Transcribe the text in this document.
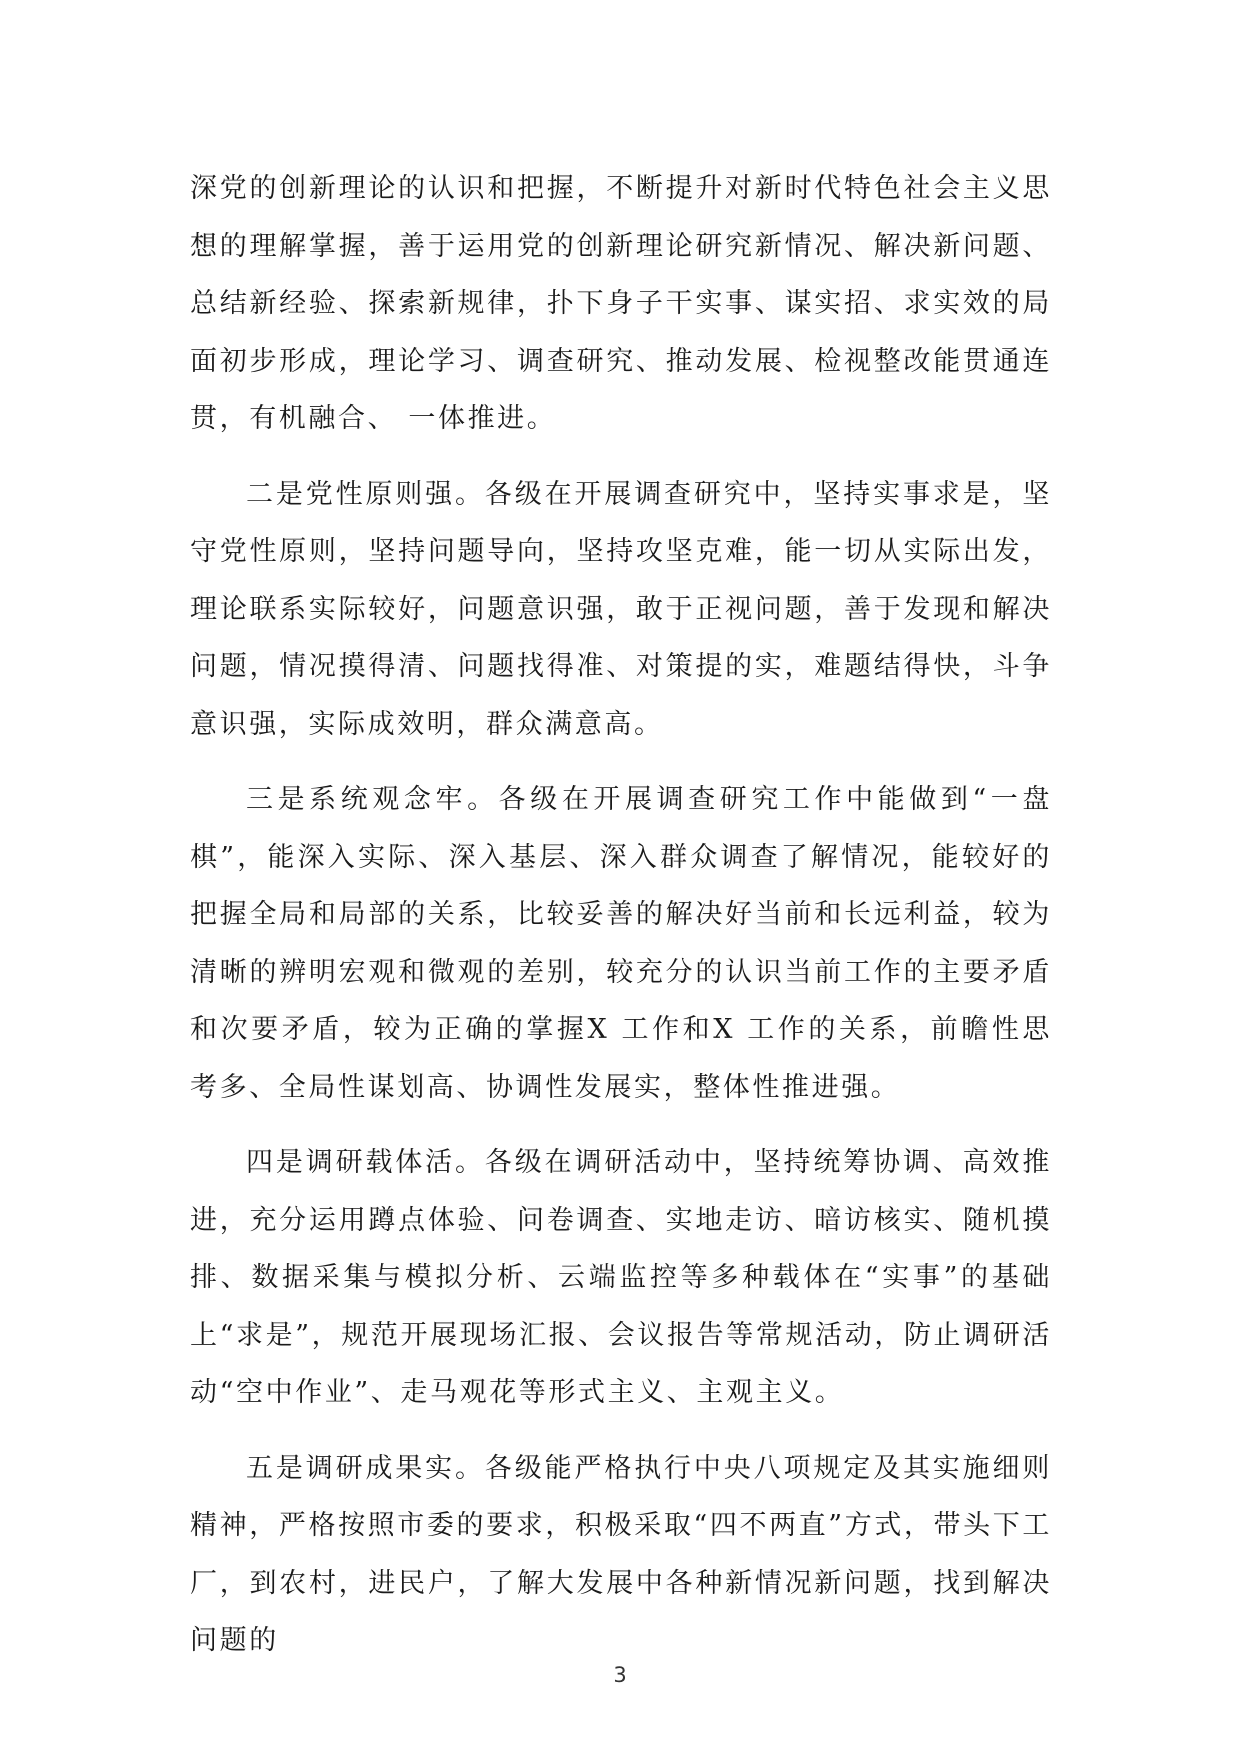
深党的创新理论的认识和把握，不断提升对新时代特色社会主义思想的理解掌握，善于运用党的创新理论研究新情况、解决新问题、总结新经验、探索新规律，扑下身子干实事、谋实招、求实效的局面初步形成，理论学习、调查研究、推动发展、检视整改能贯通连贯，有机融合、 一体推进。

二是党性原则强。各级在开展调查研究中，坚持实事求是，坚守党性原则，坚持问题导向，坚持攻坚克难，能一切从实际出发，理论联系实际较好，问题意识强，敢于正视问题，善于发现和解决问题，情况摸得清、问题找得准、对策提的实，难题结得快，斗争意识强，实际成效明，群众满意高。

三是系统观念牢。各级在开展调查研究工作中能做到“一盘棋”，能深入实际、深入基层、深入群众调查了解情况，能较好的把握全局和局部的关系，比较妥善的解决好当前和长远利益，较为清晰的辨明宏观和微观的差别，较充分的认识当前工作的主要矛盾和次要矛盾，较为正确的掌握X 工作和X 工作的关系，前瞻性思考多、全局性谋划高、协调性发展实，整体性推进强。

四是调研载体活。各级在调研活动中，坚持统筹协调、高效推进，充分运用蹲点体验、问卷调查、实地走访、暗访核实、随机摸排、数据采集与模拟分析、云端监控等多种载体在“实事”的基础上“求是”，规范开展现场汇报、会议报告等常规活动，防止调研活动“空中作业”、走马观花等形式主义、主观主义。

五是调研成果实。各级能严格执行中央八项规定及其实施细则精神，严格按照市委的要求，积极采取“四不两直”方式，带头下工厂，到农村，进民户，了解大发展中各种新情况新问题，找到解决问题的

3
